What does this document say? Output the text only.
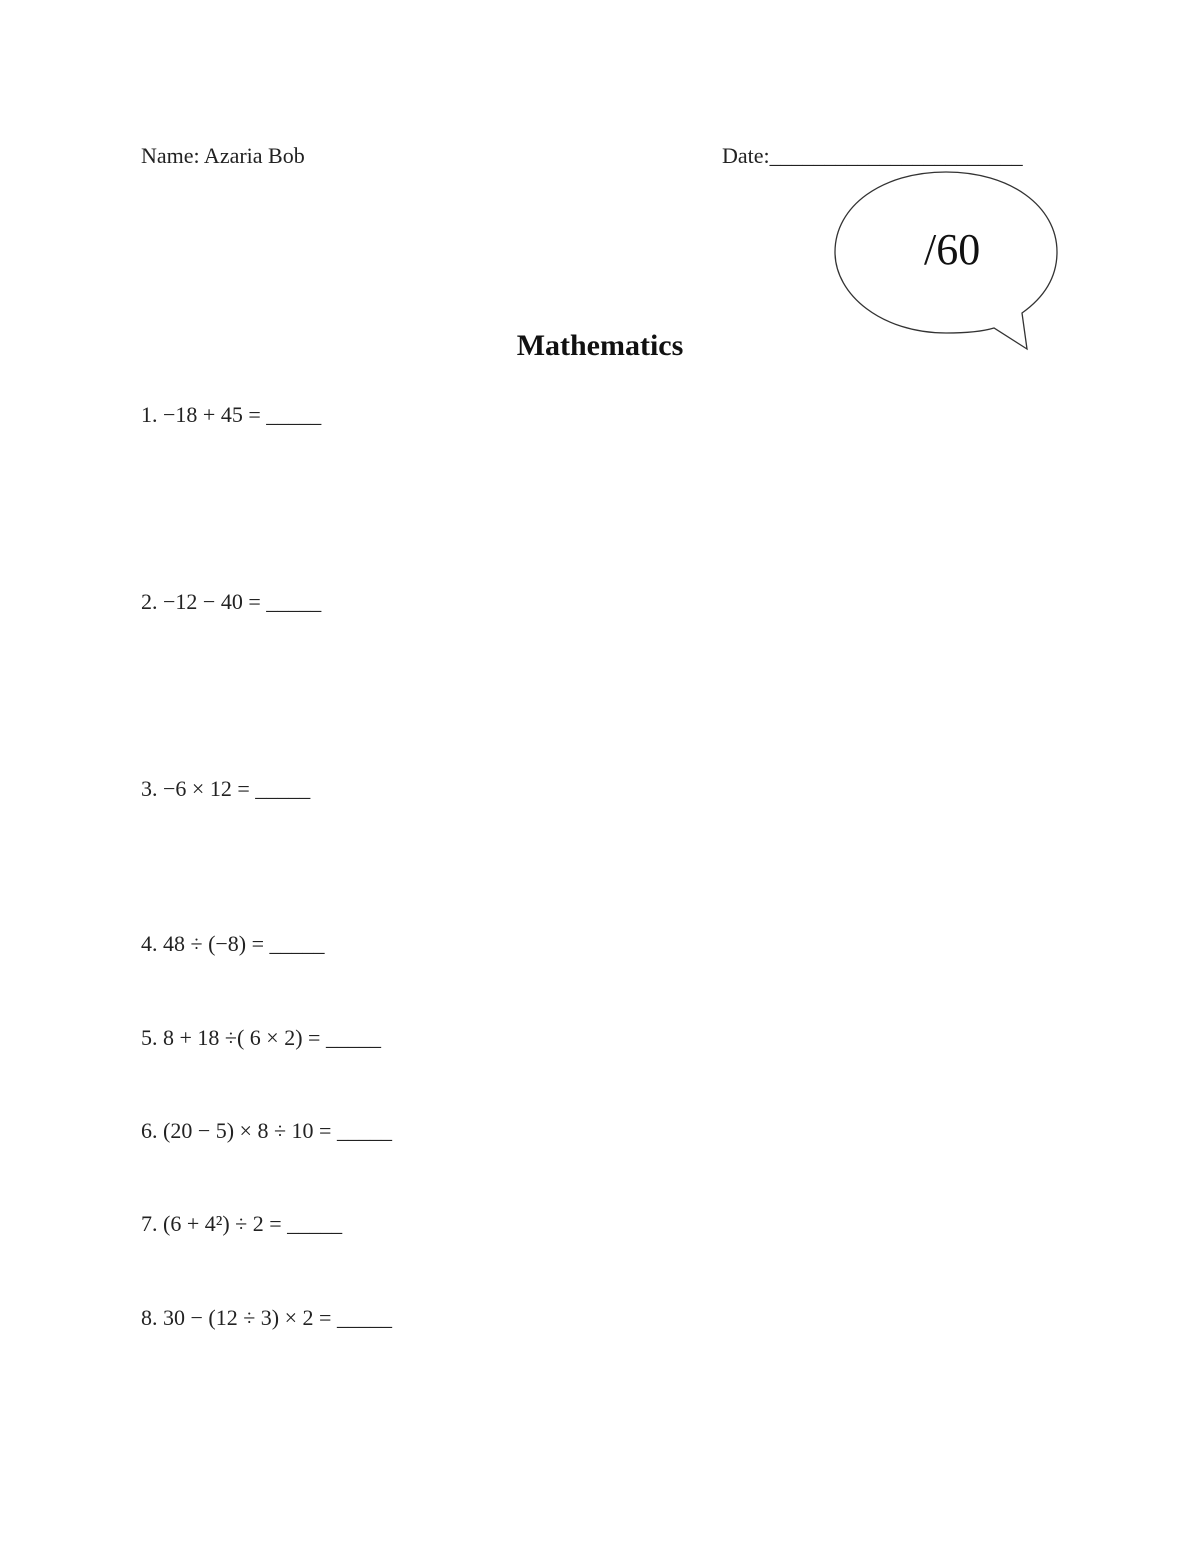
Name: Azaria Bob	Date:_______________________
/60
Mathematics
1. −18 + 45 = _____
2. −12 − 40 = _____
3. −6 × 12 = _____
4. 48 ÷ (−8) = _____
5. 8 + 18 ÷( 6 × 2) = _____
6. (20 − 5) × 8 ÷ 10 = _____
7. (6 + 4²) ÷ 2 = _____
8. 30 − (12 ÷ 3) × 2 = _____
